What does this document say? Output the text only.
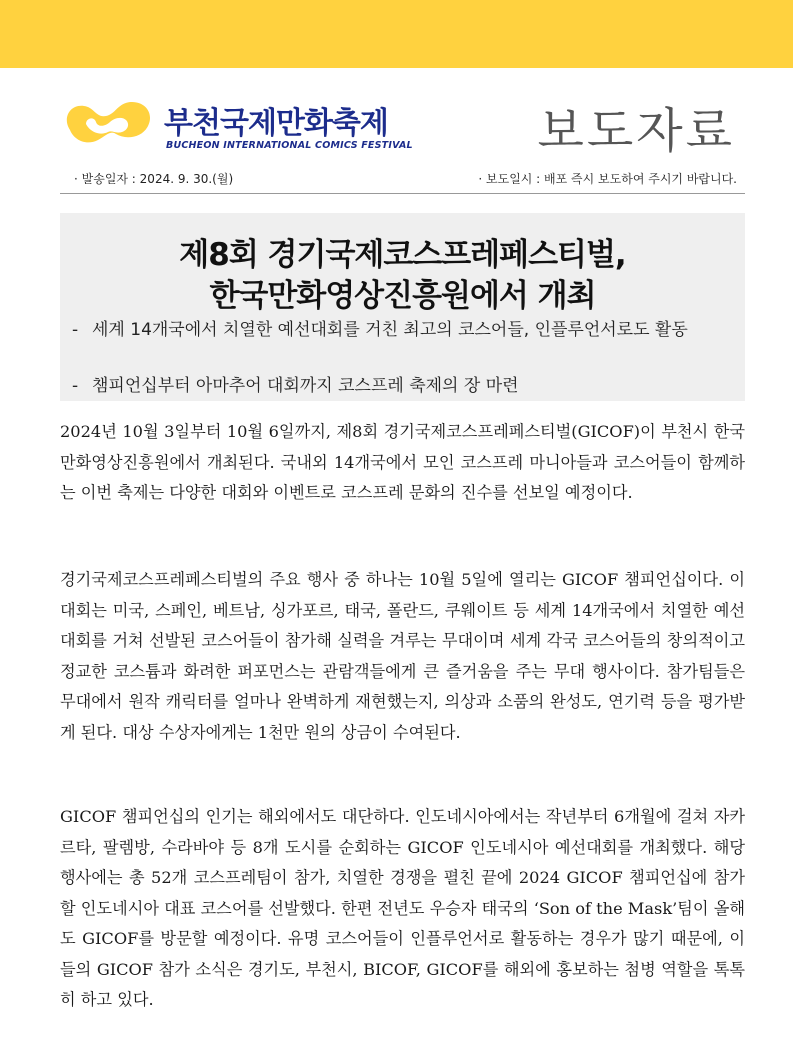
부천국제만화축제
BUCHEON INTERNATIONAL COMICS FESTIVAL	보도자료
· 발송일자 : 2024. 9. 30.(월)	· 보도일시 : 배포 즉시 보도하여 주시기 바랍니다.
제8회 경기국제코스프레페스티벌,
한국만화영상진흥원에서 개최
- 세계 14개국에서 치열한 예선대회를 거친 최고의 코스어들, 인플루언서로도 활동
- 챔피언십부터 아마추어 대회까지 코스프레 축제의 장 마련

2024년 10월 3일부터 10월 6일까지, 제8회 경기국제코스프레페스티벌(GICOF)이 부천시 한국만화영상진흥원에서 개최된다. 국내외 14개국에서 모인 코스프레 마니아들과 코스어들이 함께하는 이번 축제는 다양한 대회와 이벤트로 코스프레 문화의 진수를 선보일 예정이다.

경기국제코스프레페스티벌의 주요 행사 중 하나는 10월 5일에 열리는 GICOF 챔피언십이다. 이 대회는 미국, 스페인, 베트남, 싱가포르, 태국, 폴란드, 쿠웨이트 등 세계 14개국에서 치열한 예선대회를 거쳐 선발된 코스어들이 참가해 실력을 겨루는 무대이며 세계 각국 코스어들의 창의적이고 정교한 코스튬과 화려한 퍼포먼스는 관람객들에게 큰 즐거움을 주는 무대 행사이다. 참가팀들은 무대에서 원작 캐릭터를 얼마나 완벽하게 재현했는지, 의상과 소품의 완성도, 연기력 등을 평가받게 된다. 대상 수상자에게는 1천만 원의 상금이 수여된다.

GICOF 챔피언십의 인기는 해외에서도 대단하다. 인도네시아에서는 작년부터 6개월에 걸쳐 자카르타, 팔렘방, 수라바야 등 8개 도시를 순회하는 GICOF 인도네시아 예선대회를 개최했다. 해당 행사에는 총 52개 코스프레팀이 참가, 치열한 경쟁을 펼친 끝에 2024 GICOF 챔피언십에 참가할 인도네시아 대표 코스어를 선발했다. 한편 전년도 우승자 태국의 ‘Son of the Mask’팀이 올해도 GICOF를 방문할 예정이다. 유명 코스어들이 인플루언서로 활동하는 경우가 많기 때문에, 이들의 GICOF 참가 소식은 경기도, 부천시, BICOF, GICOF를 해외에 홍보하는 첨병 역할을 톡톡히 하고 있다.
